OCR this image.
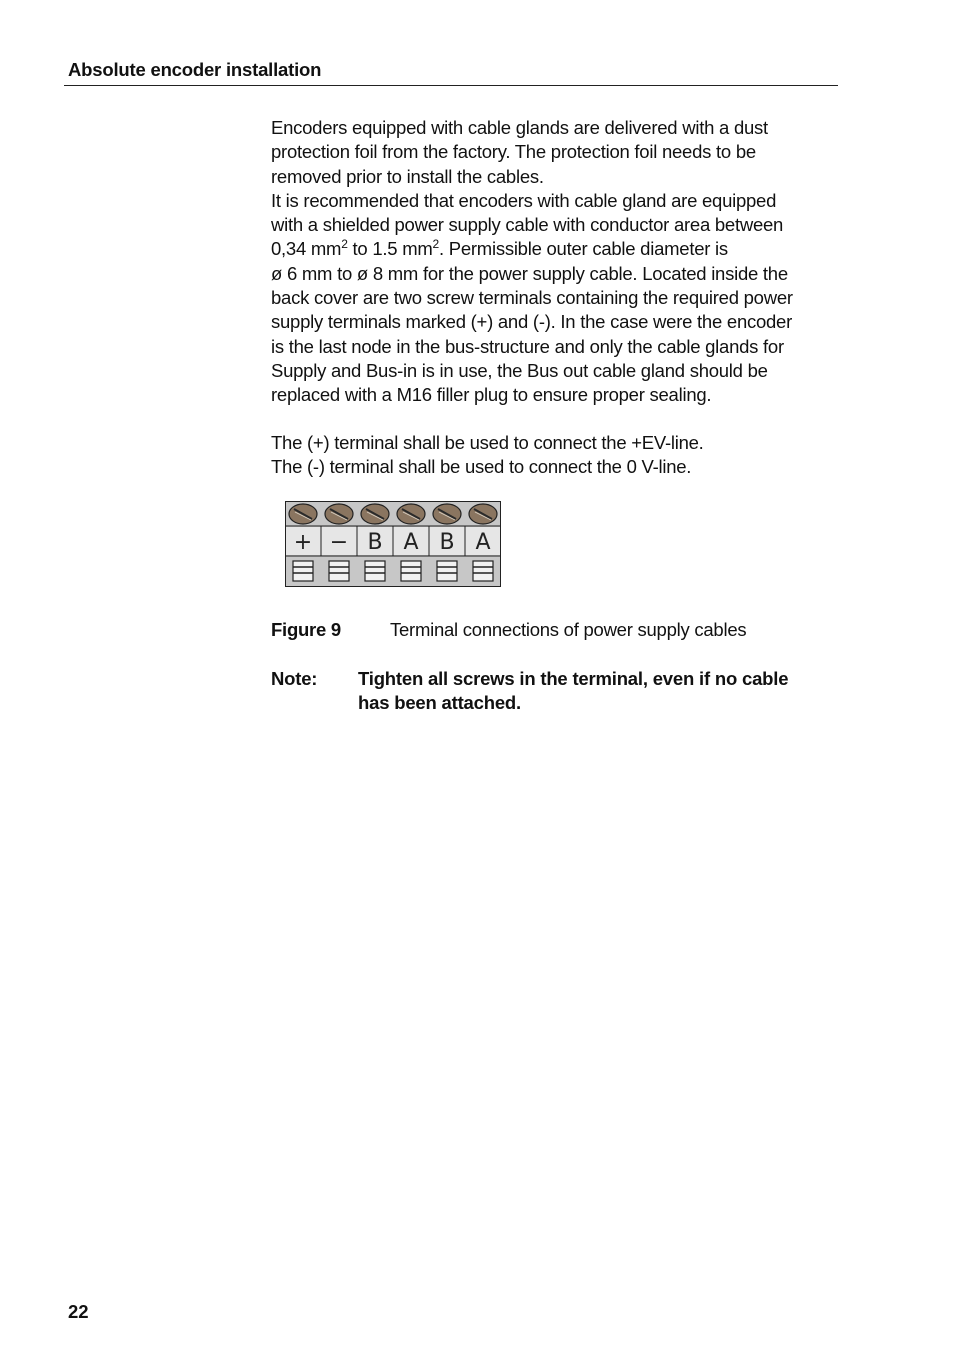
Absolute encoder installation
Encoders equipped with cable glands are delivered with a dust
protection foil from the factory. The protection foil needs to be
removed prior to install the cables.
It is recommended that encoders with cable gland are equipped
with a shielded power supply cable with conductor area between
0,34 $mm^2$ to 1.5 $mm^2$. Permissible outer cable diameter is
ø 6 mm to ø 8 mm for the power supply cable. Located inside the
back cover are two screw terminals containing the required power
supply terminals marked (+) and (-). In the case were the encoder
is the last node in the bus-structure and only the cable glands for
Supply and Bus-in is in use, the Bus out cable gland should be
replaced with a M16 filler plug to ensure proper sealing.
The (+) terminal shall be used to connect the +EV-line.
The (-) terminal shall be used to connect the 0 V-line.
+ − B A B A
Figure 9	Terminal connections of power supply cables
Note: Tighten all screws in the terminal, even if no cable
has been attached.
22
